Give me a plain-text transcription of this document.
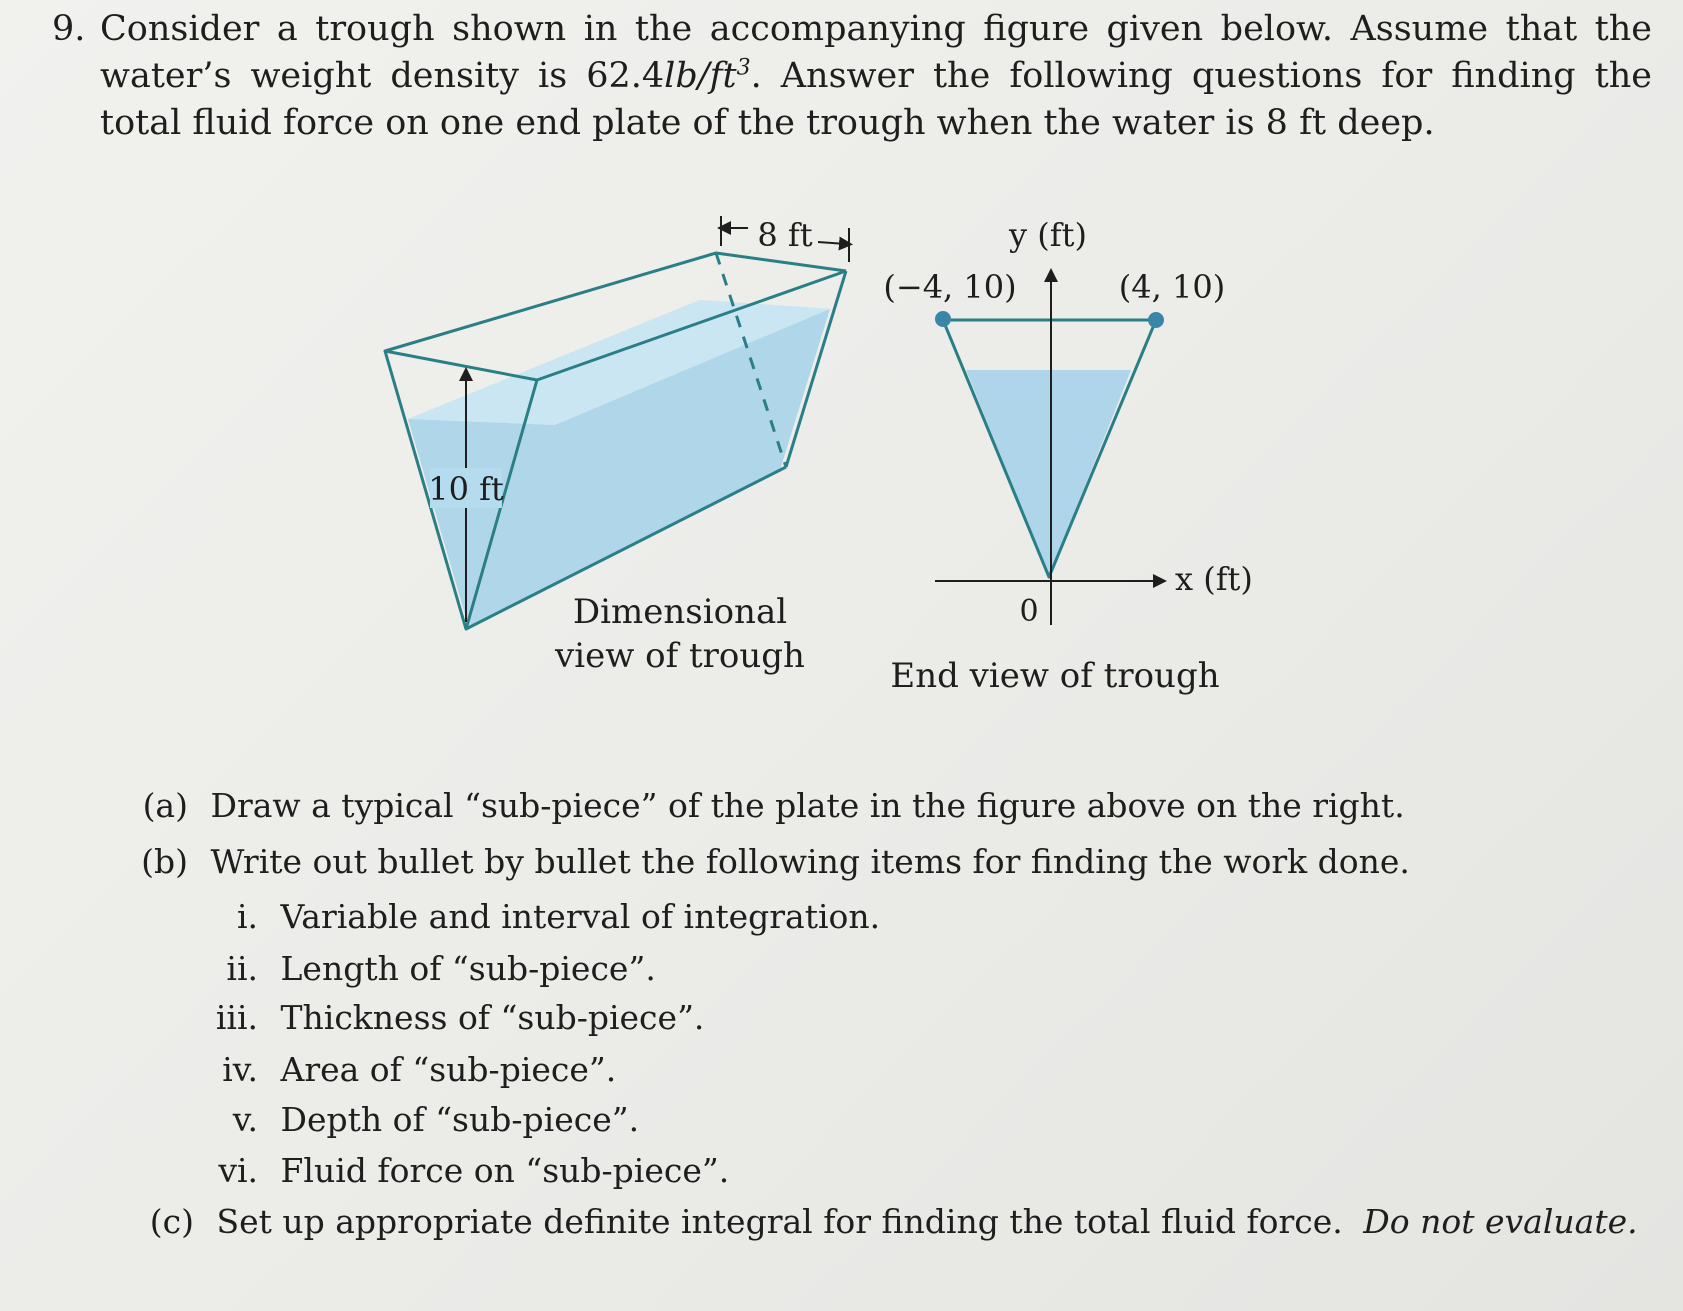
9. Consider a trough shown in the accompanying figure given below. Assume that the water’s weight density is $62.4lb/ft^3$. Answer the following questions for finding the total fluid force on one end plate of the trough when the water is 8 ft deep.
10 ft
8 ft	y (ft)
x (ft)
(−4, 10)	(4, 10)
0
Dimensional
view of trough	End view of trough
(a) Draw a typical “sub-piece” of the plate in the figure above on the right.
(b) Write out bullet by bullet the following items for finding the work done.
i. Variable and interval of integration.
ii. Length of “sub-piece”.
iii. Thickness of “sub-piece”.
iv. Area of “sub-piece”.
v. Depth of “sub-piece”.
vi. Fluid force on “sub-piece”.
(c) Set up appropriate definite integral for finding the total fluid force. Do not evaluate.
